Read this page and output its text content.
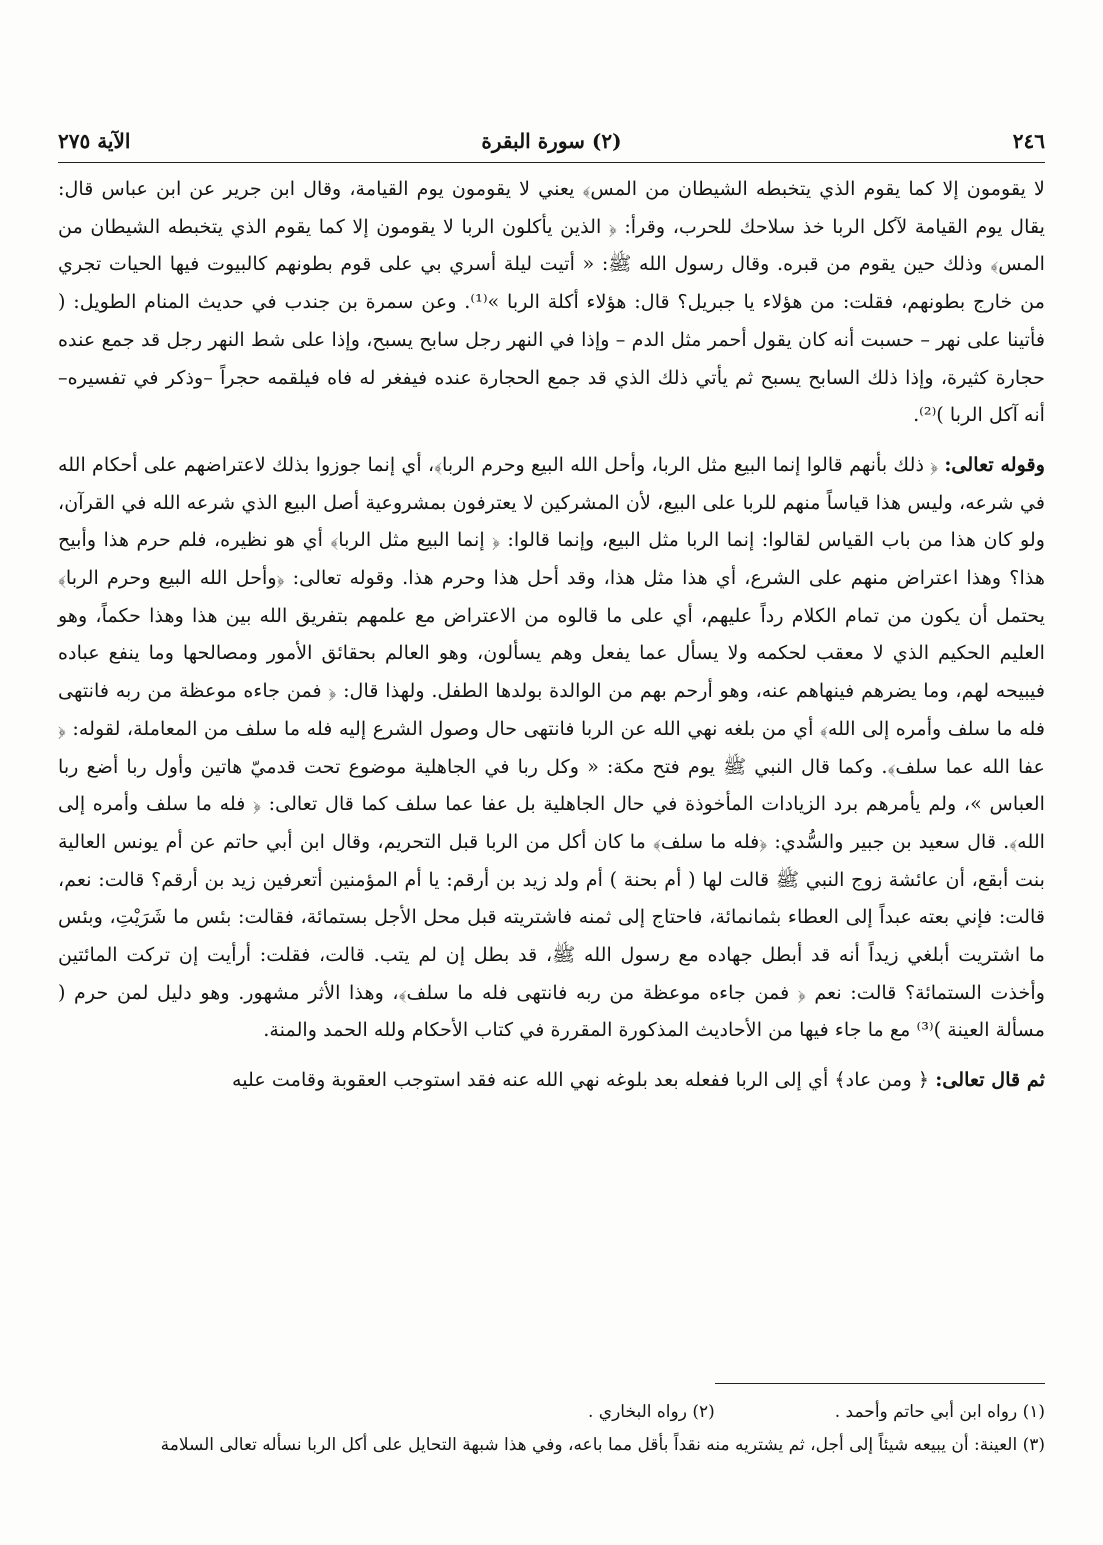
٢٤٦
(٢) سورة البقرة
الآية ٢٧٥

لا يقومون إلا كما يقوم الذي يتخبطه الشيطان من المس﴾ يعني لا يقومون يوم القيامة، وقال ابن جرير عن ابن عباس قال: يقال يوم القيامة لآكل الربا خذ سلاحك للحرب، وقرأ: ﴿ الذين يأكلون الربا لا يقومون إلا كما يقوم الذي يتخبطه الشيطان من المس﴾ وذلك حين يقوم من قبره. وقال رسول الله ﷺ: « أتيت ليلة أسري بي على قوم بطونهم كالبيوت فيها الحيات تجري من خارج بطونهم، فقلت: من هؤلاء يا جبريل؟ قال: هؤلاء أكلة الربا »⁽¹⁾. وعن سمرة بن جندب في حديث المنام الطويل: ( فأتينا على نهر – حسبت أنه كان يقول أحمر مثل الدم – وإذا في النهر رجل سابح يسبح، وإذا على شط النهر رجل قد جمع عنده حجارة كثيرة، وإذا ذلك السابح يسبح ثم يأتي ذلك الذي قد جمع الحجارة عنده فيفغر له فاه فيلقمه حجراً –وذكر في تفسيره– أنه آكل الربا )⁽²⁾.

وقوله تعالى: ﴿ ذلك بأنهم قالوا إنما البيع مثل الربا، وأحل الله البيع وحرم الربا﴾، أي إنما جوزوا بذلك لاعتراضهم على أحكام الله في شرعه، وليس هذا قياساً منهم للربا على البيع، لأن المشركين لا يعترفون بمشروعية أصل البيع الذي شرعه الله في القرآن، ولو كان هذا من باب القياس لقالوا: إنما الربا مثل البيع، وإنما قالوا: ﴿ إنما البيع مثل الربا﴾ أي هو نظيره، فلم حرم هذا وأبيح هذا؟ وهذا اعتراض منهم على الشرع، أي هذا مثل هذا، وقد أحل هذا وحرم هذا. وقوله تعالى: ﴿وأحل الله البيع وحرم الربا﴾ يحتمل أن يكون من تمام الكلام رداً عليهم، أي على ما قالوه من الاعتراض مع علمهم بتفريق الله بين هذا وهذا حكماً، وهو العليم الحكيم الذي لا معقب لحكمه ولا يسأل عما يفعل وهم يسألون، وهو العالم بحقائق الأمور ومصالحها وما ينفع عباده فيبيحه لهم، وما يضرهم فينهاهم عنه، وهو أرحم بهم من الوالدة بولدها الطفل. ولهذا قال: ﴿ فمن جاءه موعظة من ربه فانتهى فله ما سلف وأمره إلى الله﴾ أي من بلغه نهي الله عن الربا فانتهى حال وصول الشرع إليه فله ما سلف من المعاملة، لقوله: ﴿ عفا الله عما سلف﴾. وكما قال النبي ﷺ يوم فتح مكة: « وكل ربا في الجاهلية موضوع تحت قدميّ هاتين وأول ربا أضع ربا العباس »، ولم يأمرهم برد الزيادات المأخوذة في حال الجاهلية بل عفا عما سلف كما قال تعالى: ﴿ فله ما سلف وأمره إلى الله﴾. قال سعيد بن جبير والسُّدي: ﴿فله ما سلف﴾ ما كان أكل من الربا قبل التحريم، وقال ابن أبي حاتم عن أم يونس العالية بنت أبقع، أن عائشة زوج النبي ﷺ قالت لها ( أم بحنة ) أم ولد زيد بن أرقم: يا أم المؤمنين أتعرفين زيد بن أرقم؟ قالت: نعم، قالت: فإني بعته عبداً إلى العطاء بثمانمائة، فاحتاج إلى ثمنه فاشتريته قبل محل الأجل بستمائة، فقالت: بئس ما شَرَيْتِ، وبئس ما اشتريت أبلغي زيداً أنه قد أبطل جهاده مع رسول الله ﷺ، قد بطل إن لم يتب. قالت، فقلت: أرأيت إن تركت المائتين وأخذت الستمائة؟ قالت: نعم ﴿ فمن جاءه موعظة من ربه فانتهى فله ما سلف﴾، وهذا الأثر مشهور. وهو دليل لمن حرم ( مسألة العينة )⁽³⁾ مع ما جاء فيها من الأحاديث المذكورة المقررة في كتاب الأحكام ولله الحمد والمنة.

ثم قال تعالى: ﴿ ومن عاد﴾ أي إلى الربا ففعله بعد بلوغه نهي الله عنه فقد استوجب العقوبة وقامت عليه

(١) رواه ابن أبي حاتم وأحمد .
(٢) رواه البخاري .
(٣) العينة: أن يبيعه شيئاً إلى أجل، ثم يشتريه منه نقداً بأقل مما باعه، وفي هذا شبهة التحايل على أكل الربا نسأله تعالى السلامة
